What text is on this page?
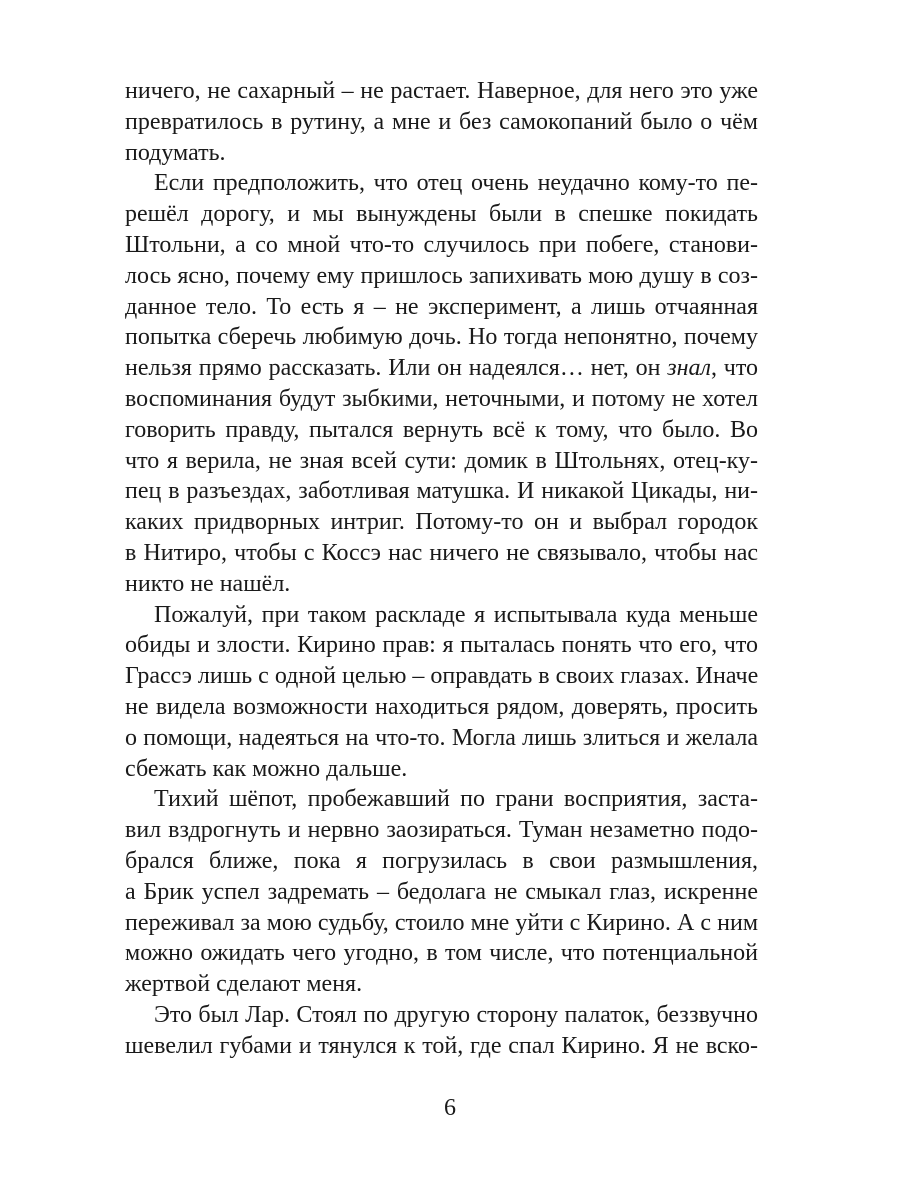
ничего, не сахарный – не растает. Наверное, для него это уже
превратилось в рутину, а мне и без самокопаний было о чём
подумать.

Если предположить, что отец очень неудачно кому-то пе-
решёл дорогу, и мы вынуждены были в спешке покидать
Штольни, а со мной что-то случилось при побеге, станови-
лось ясно, почему ему пришлось запихивать мою душу в соз-
данное тело. То есть я – не эксперимент, а лишь отчаянная
попытка сберечь любимую дочь. Но тогда непонятно, почему
нельзя прямо рассказать. Или он надеялся… нет, он знал, что
воспоминания будут зыбкими, неточными, и потому не хотел
говорить правду, пытался вернуть всё к тому, что было. Во
что я верила, не зная всей сути: домик в Штольнях, отец-ку-
пец в разъездах, заботливая матушка. И никакой Цикады, ни-
каких придворных интриг. Потому-то он и выбрал городок
в Нитиро, чтобы с Коссэ нас ничего не связывало, чтобы нас
никто не нашёл.

Пожалуй, при таком раскладе я испытывала куда меньше
обиды и злости. Кирино прав: я пыталась понять что его, что
Грассэ лишь с одной целью – оправдать в своих глазах. Иначе
не видела возможности находиться рядом, доверять, просить
о помощи, надеяться на что-то. Могла лишь злиться и желала
сбежать как можно дальше.

Тихий шёпот, пробежавший по грани восприятия, заста-
вил вздрогнуть и нервно заозираться. Туман незаметно подо-
брался ближе, пока я погрузилась в свои размышления,
а Брик успел задремать – бедолага не смыкал глаз, искренне
переживал за мою судьбу, стоило мне уйти с Кирино. А с ним
можно ожидать чего угодно, в том числе, что потенциальной
жертвой сделают меня.

Это был Лар. Стоял по другую сторону палаток, беззвучно
шевелил губами и тянулся к той, где спал Кирино. Я не вско-

6
